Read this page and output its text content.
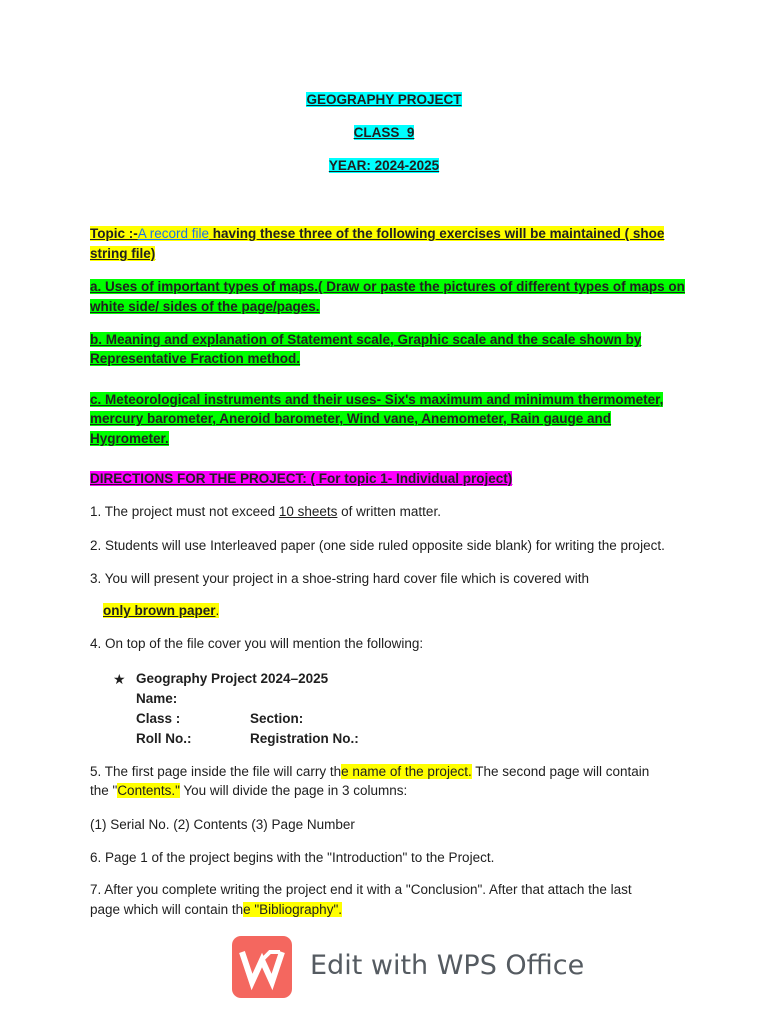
GEOGRAPHY PROJECT
CLASS  9
YEAR: 2024-2025
Topic :-A record file having these three of the following exercises will be maintained ( shoe
string file)
a. Uses of important types of maps.( Draw or paste the pictures of different types of maps on
white side/ sides of the page/pages.
b. Meaning and explanation of Statement scale, Graphic scale and the scale shown by
Representative Fraction method.
c. Meteorological instruments and their uses- Six's maximum and minimum thermometer,
mercury barometer, Aneroid barometer, Wind vane, Anemometer, Rain gauge and Hygrometer.
DIRECTIONS FOR THE PROJECT: ( For topic 1- Individual project)
1. The project must not exceed 10 sheets of written matter.
2. Students will use Interleaved paper (one side ruled opposite side blank) for writing the project.
3. You will present your project in a shoe-string hard cover file which is covered with
only brown paper.
4. On top of the file cover you will mention the following:
★ Geography Project 2024–2025
Name:
Class :	Section:
Roll No.:	Registration No.:
5. The first page inside the file will carry the name of the project. The second page will contain
the "Contents." You will divide the page in 3 columns:
(1) Serial No. (2) Contents (3) Page Number
6. Page 1 of the project begins with the "Introduction" to the Project.
7. After you complete writing the project end it with a "Conclusion". After that attach the last
page which will contain the "Bibliography".
Edit with WPS Office
